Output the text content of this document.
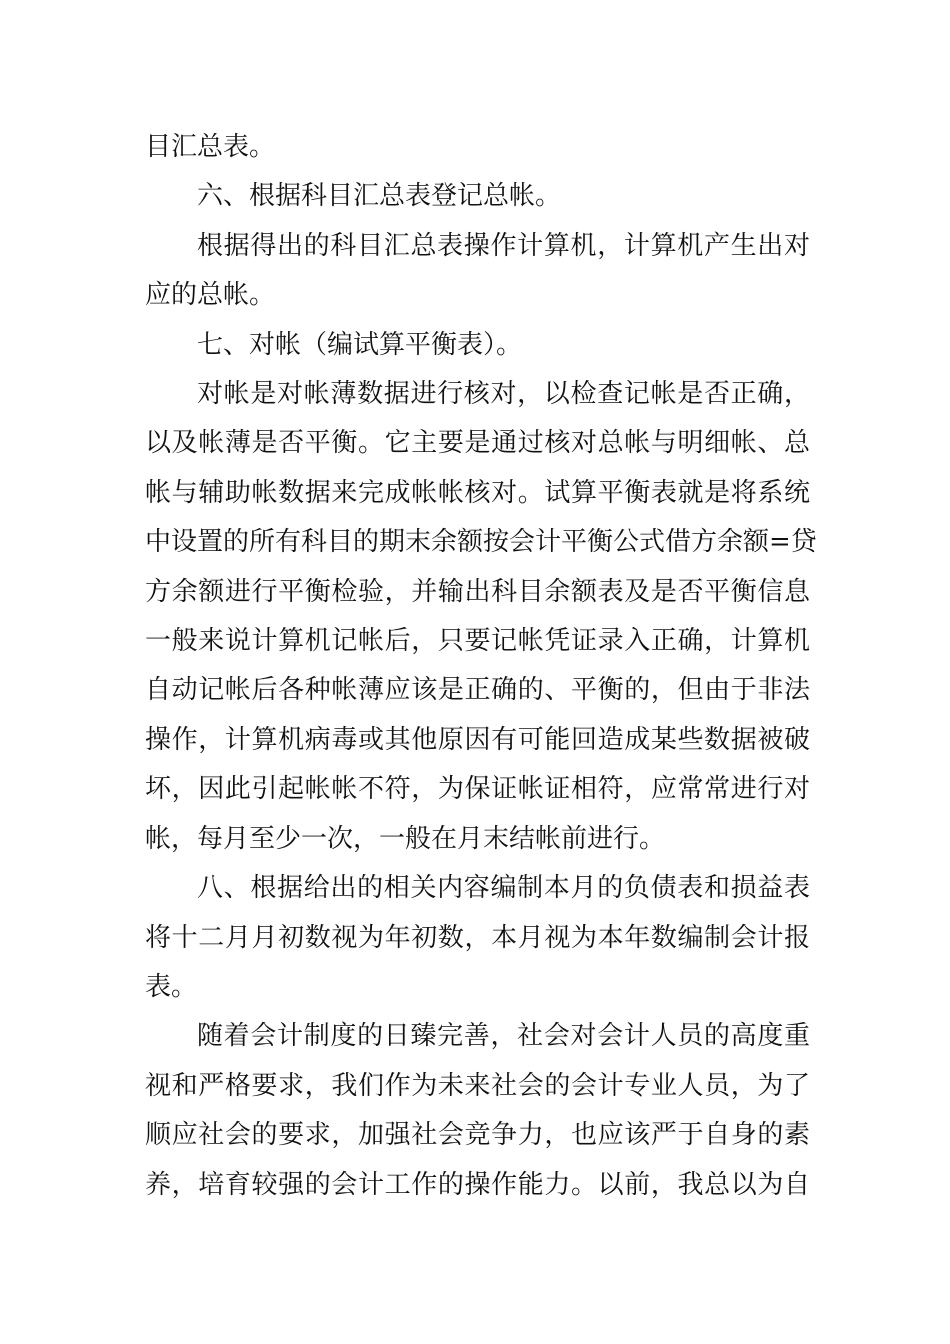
目汇总表。
六、根据科目汇总表登记总帐。
根据得出的科目汇总表操作计算机，计算机产生出对
应的总帐。
七、对帐（编试算平衡表）。
对帐是对帐薄数据进行核对，以检查记帐是否正确，
以及帐薄是否平衡。它主要是通过核对总帐与明细帐、总
帐与辅助帐数据来完成帐帐核对。试算平衡表就是将系统
中设置的所有科目的期末余额按会计平衡公式借方余额=贷
方余额进行平衡检验，并输出科目余额表及是否平衡信息
一般来说计算机记帐后，只要记帐凭证录入正确，计算机
自动记帐后各种帐薄应该是正确的、平衡的，但由于非法
操作，计算机病毒或其他原因有可能回造成某些数据被破
坏，因此引起帐帐不符，为保证帐证相符，应常常进行对
帐，每月至少一次，一般在月末结帐前进行。
八、根据给出的相关内容编制本月的负债表和损益表
将十二月月初数视为年初数，本月视为本年数编制会计报
表。
随着会计制度的日臻完善，社会对会计人员的高度重
视和严格要求，我们作为未来社会的会计专业人员，为了
顺应社会的要求，加强社会竞争力，也应该严于自身的素
养，培育较强的会计工作的操作能力。以前，我总以为自
